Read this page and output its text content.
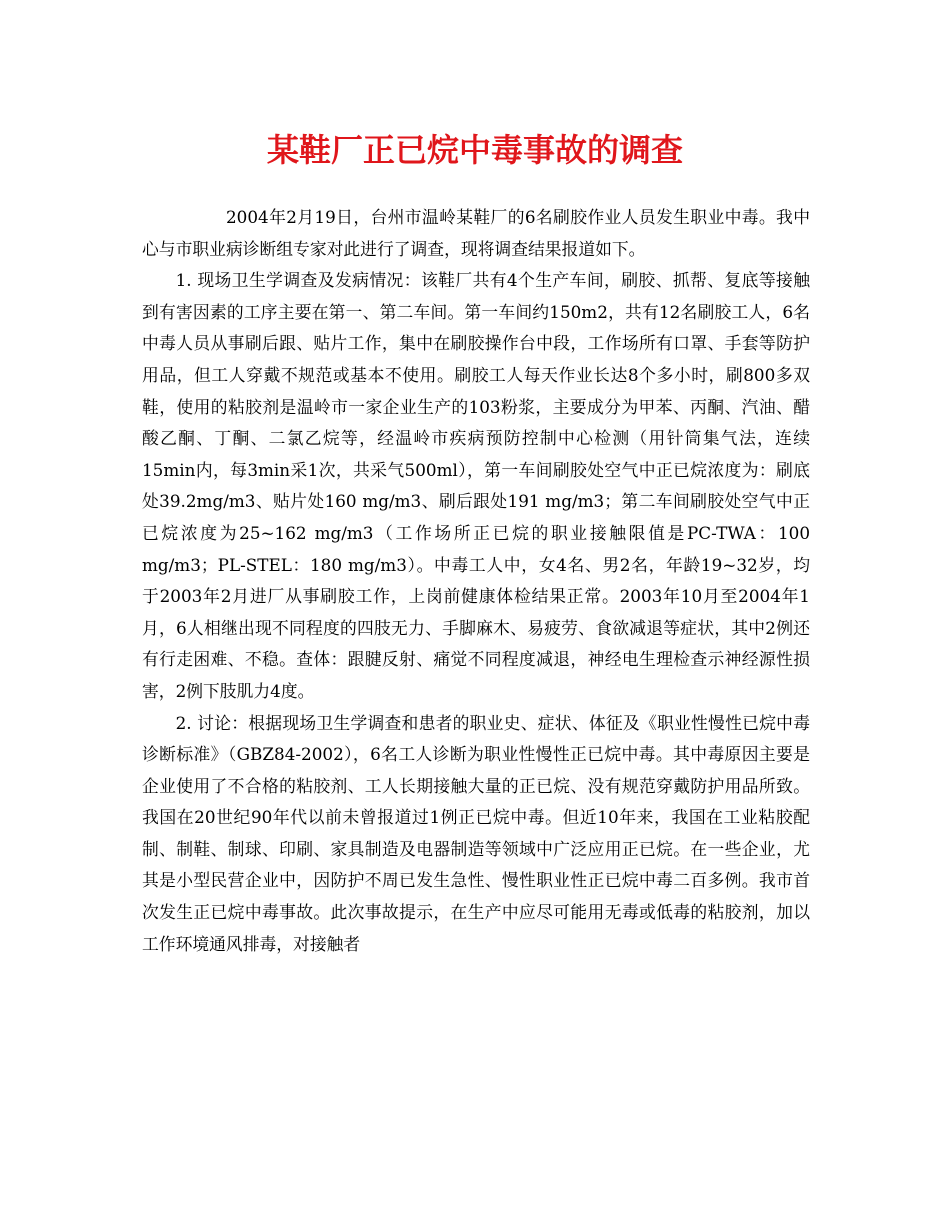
某鞋厂正已烷中毒事故的调查

2004年2月19日，台州市温岭某鞋厂的6名刷胶作业人员发生职业中毒。我中心与市职业病诊断组专家对此进行了调查，现将调查结果报道如下。

1. 现场卫生学调查及发病情况：该鞋厂共有4个生产车间，刷胶、抓帮、复底等接触到有害因素的工序主要在第一、第二车间。第一车间约150m2，共有12名刷胶工人，6名中毒人员从事刷后跟、贴片工作，集中在刷胶操作台中段，工作场所有口罩、手套等防护用品，但工人穿戴不规范或基本不使用。刷胶工人每天作业长达8个多小时，刷800多双鞋，使用的粘胶剂是温岭市一家企业生产的103粉浆，主要成分为甲苯、丙酮、汽油、醋酸乙酮、丁酮、二氯乙烷等，经温岭市疾病预防控制中心检测（用针筒集气法，连续15min内，每3min采1次，共采气500ml），第一车间刷胶处空气中正已烷浓度为：刷底处39.2mg/m3、贴片处160 mg/m3、刷后跟处191 mg/m3；第二车间刷胶处空气中正已烷浓度为25~162 mg/m3（工作场所正已烷的职业接触限值是PC-TWA：100 mg/m3；PL-STEL：180 mg/m3）。中毒工人中，女4名、男2名，年龄19~32岁，均于2003年2月进厂从事刷胶工作，上岗前健康体检结果正常。2003年10月至2004年1月，6人相继出现不同程度的四肢无力、手脚麻木、易疲劳、食欲减退等症状，其中2例还有行走困难、不稳。查体：跟腱反射、痛觉不同程度减退，神经电生理检查示神经源性损害，2例下肢肌力4度。

2. 讨论：根据现场卫生学调查和患者的职业史、症状、体征及《职业性慢性已烷中毒诊断标准》（GBZ84-2002），6名工人诊断为职业性慢性正已烷中毒。其中毒原因主要是企业使用了不合格的粘胶剂、工人长期接触大量的正已烷、没有规范穿戴防护用品所致。我国在20世纪90年代以前未曾报道过1例正已烷中毒。但近10年来，我国在工业粘胶配制、制鞋、制球、印刷、家具制造及电器制造等领域中广泛应用正已烷。在一些企业，尤其是小型民营企业中，因防护不周已发生急性、慢性职业性正已烷中毒二百多例。我市首次发生正已烷中毒事故。此次事故提示，在生产中应尽可能用无毒或低毒的粘胶剂，加以工作环境通风排毒，对接触者
